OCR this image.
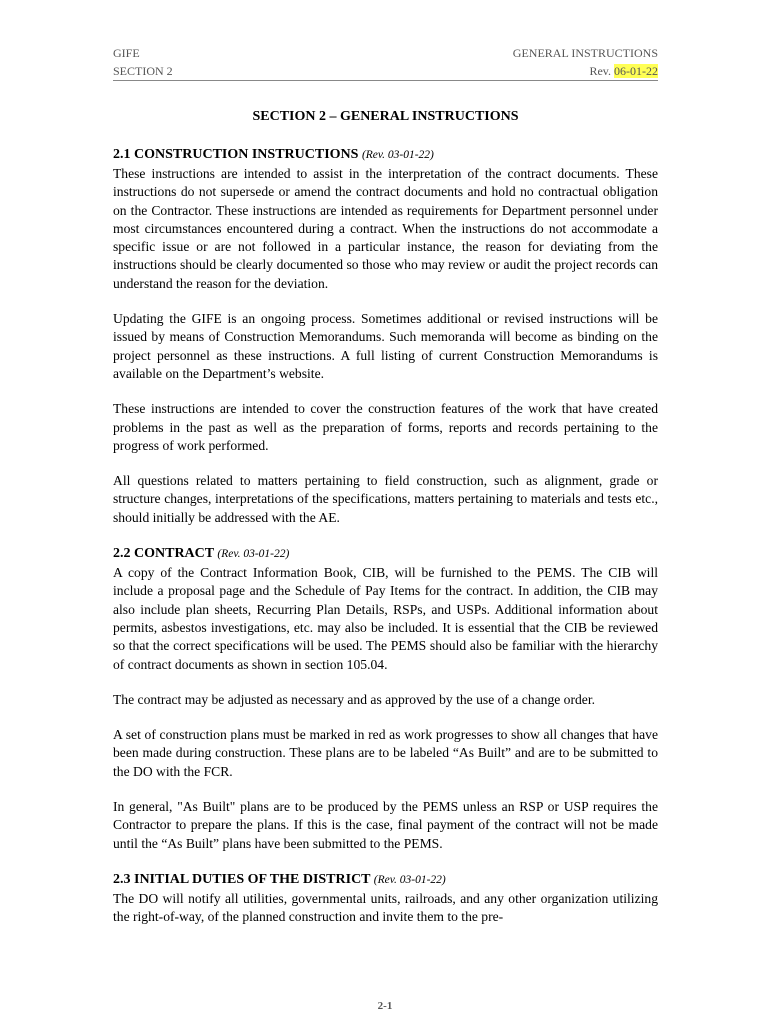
GIFE	GENERAL INSTRUCTIONS
SECTION 2	Rev. 06-01-22
SECTION 2 – GENERAL INSTRUCTIONS
2.1 CONSTRUCTION INSTRUCTIONS (Rev. 03-01-22)

These instructions are intended to assist in the interpretation of the contract documents. These instructions do not supersede or amend the contract documents and hold no contractual obligation on the Contractor. These instructions are intended as requirements for Department personnel under most circumstances encountered during a contract. When the instructions do not accommodate a specific issue or are not followed in a particular instance, the reason for deviating from the instructions should be clearly documented so those who may review or audit the project records can understand the reason for the deviation.

Updating the GIFE is an ongoing process. Sometimes additional or revised instructions will be issued by means of Construction Memorandums. Such memoranda will become as binding on the project personnel as these instructions. A full listing of current Construction Memorandums is available on the Department’s website.

These instructions are intended to cover the construction features of the work that have created problems in the past as well as the preparation of forms, reports and records pertaining to the progress of work performed.

All questions related to matters pertaining to field construction, such as alignment, grade or structure changes, interpretations of the specifications, matters pertaining to materials and tests etc., should initially be addressed with the AE.

2.2 CONTRACT (Rev. 03-01-22)

A copy of the Contract Information Book, CIB, will be furnished to the PEMS. The CIB will include a proposal page and the Schedule of Pay Items for the contract. In addition, the CIB may also include plan sheets, Recurring Plan Details, RSPs, and USPs. Additional information about permits, asbestos investigations, etc. may also be included. It is essential that the CIB be reviewed so that the correct specifications will be used. The PEMS should also be familiar with the hierarchy of contract documents as shown in section 105.04.

The contract may be adjusted as necessary and as approved by the use of a change order.

A set of construction plans must be marked in red as work progresses to show all changes that have been made during construction. These plans are to be labeled “As Built” and are to be submitted to the DO with the FCR.

In general, "As Built" plans are to be produced by the PEMS unless an RSP or USP requires the Contractor to prepare the plans. If this is the case, final payment of the contract will not be made until the “As Built” plans have been submitted to the PEMS.

2.3 INITIAL DUTIES OF THE DISTRICT (Rev. 03-01-22)

The DO will notify all utilities, governmental units, railroads, and any other organization utilizing the right-of-way, of the planned construction and invite them to the pre-

2-1
